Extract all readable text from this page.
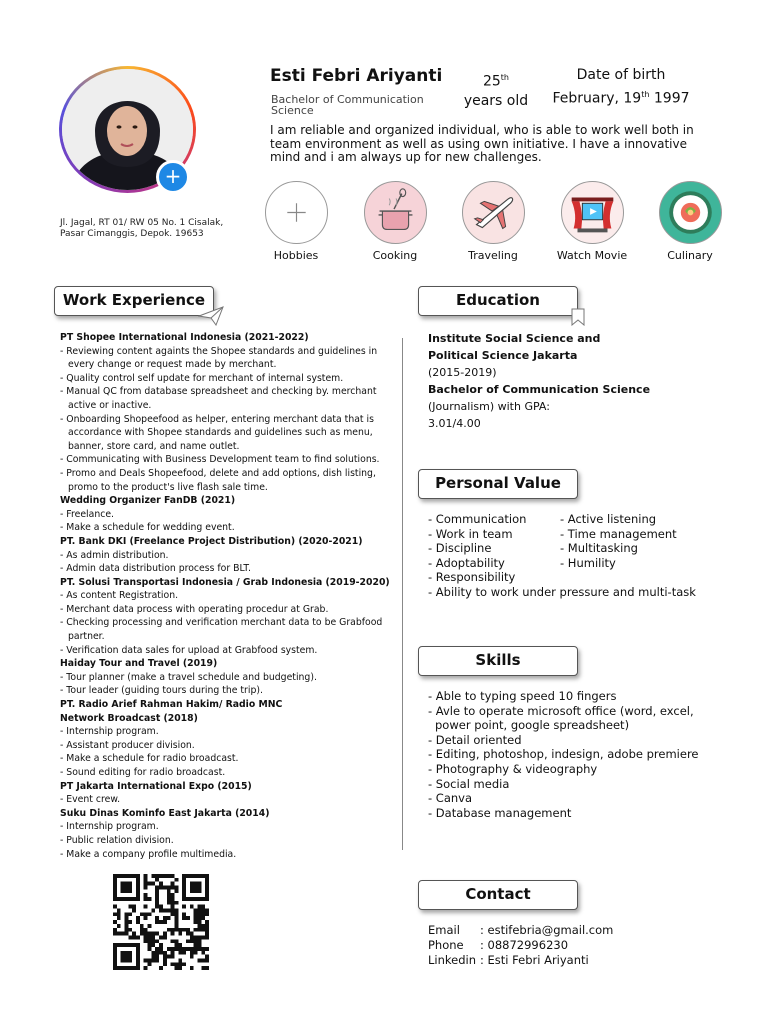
+
Jl. Jagal, RT 01/ RW 05 No. 1 Cisalak, Pasar Cimanggis, Depok. 19653
Esti Febri Ariyanti
Bachelor of Communication Science
25th
years old
Date of birth
February, 19th 1997
I am reliable and organized individual, who is able to work well both in team environment as well as using own initiative. I have a innovative mind and i am always up for new challenges.
Hobbies	Cooking	Traveling	Watch Movie	Culinary
Work Experience	Education
Personal Value
Skills
Contact
PT Shopee International Indonesia (2021-2022)
- Reviewing content againts the Shopee standards and guidelines in every change or request made by merchant.
- Quality control self update for merchant of internal system.
- Manual QC from database spreadsheet and checking by. merchant active or inactive.
- Onboarding Shopeefood as helper, entering merchant data that is accordance with Shopee standards and guidelines such as menu, banner, store card, and name outlet.
- Communicating with Business Development team to find solutions.
- Promo and Deals Shopeefood, delete and add options, dish listing, promo to the product's live flash sale time.
Wedding Organizer FanDB (2021)
- Freelance.
- Make a schedule for wedding event.
PT. Bank DKI (Freelance Project Distribution) (2020-2021)
- As admin distribution.
- Admin data distribution process for BLT.
PT. Solusi Transportasi Indonesia / Grab Indonesia (2019-2020)
- As content Registration.
- Merchant data process with operating procedur at Grab.
- Checking processing and verification merchant data to be Grabfood partner.
- Verification data sales for upload at Grabfood system.
Haiday Tour and Travel (2019)
- Tour planner (make a travel schedule and budgeting).
- Tour leader (guiding tours during the trip).
PT. Radio Arief Rahman Hakim/ Radio MNC Network Broadcast (2018)
- Internship program.
- Assistant producer division.
- Make a schedule for radio broadcast.
- Sound editing for radio broadcast.
PT Jakarta International Expo (2015)
- Event crew.
Suku Dinas Kominfo East Jakarta (2014)
- Internship program.
- Public relation division.
- Make a company profile multimedia.
Institute Social Science and
Political Science Jakarta
(2015-2019)
Bachelor of Communication Science
(Journalism) with GPA:
3.01/4.00
- Communication
- Work in team
- Discipline
- Adoptability
- Responsibility
- Ability to work under pressure and multi-task
- Active listening
- Time management
- Multitasking
- Humility
- Able to typing speed 10 fingers
- Avle to operate microsoft office (word, excel, power point, google spreadsheet)
- Detail oriented
- Editing, photoshop, indesign, adobe premiere
- Photography & videography
- Social media
- Canva
- Database management
Email : estifebria@gmail.com
Phone : 08872996230
Linkedin : Esti Febri Ariyanti
